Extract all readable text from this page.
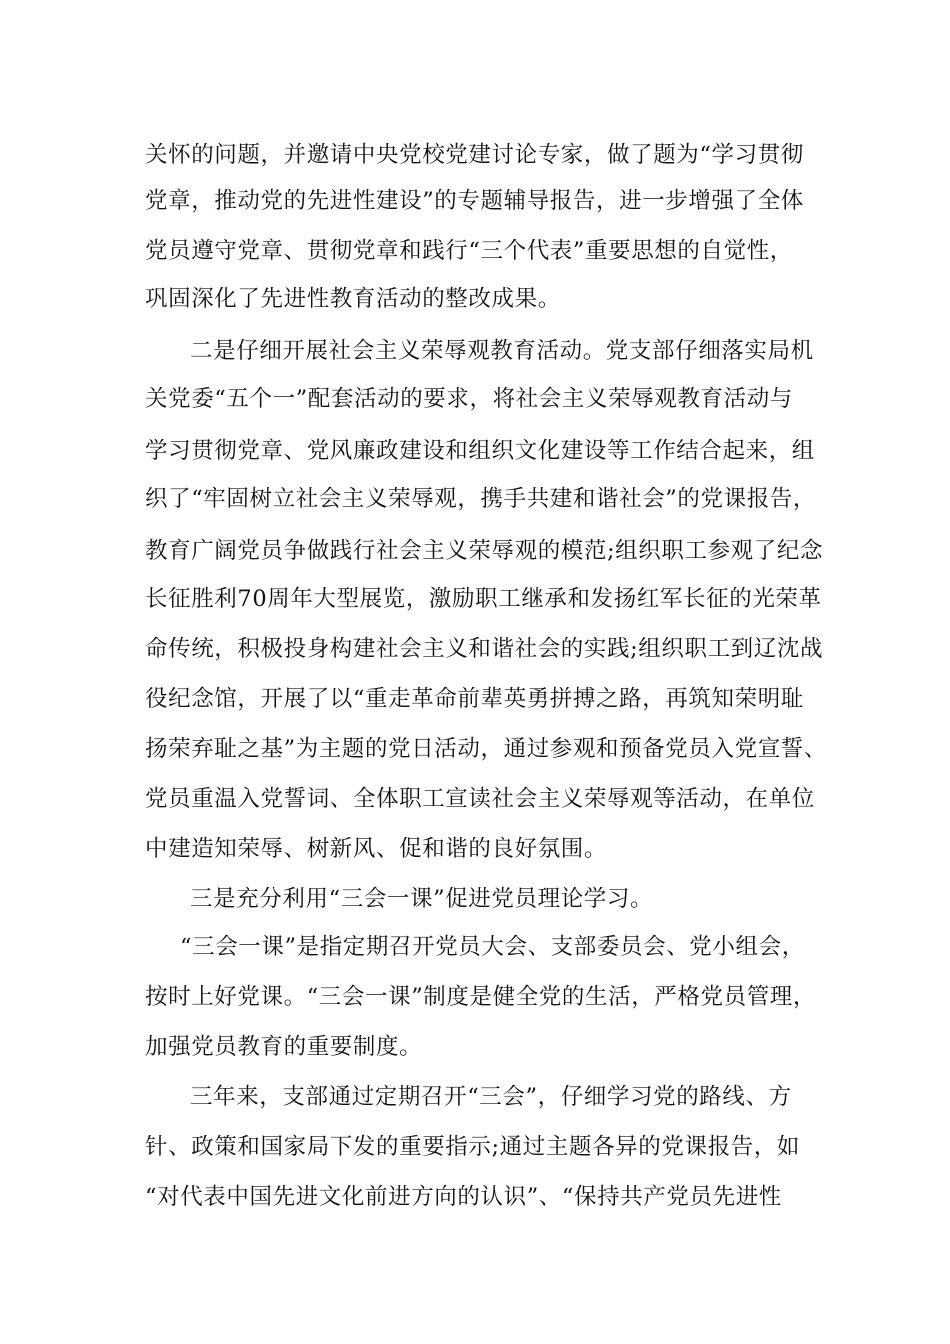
关怀的问题，并邀请中央党校党建讨论专家，做了题为“学习贯彻
党章，推动党的先进性建设”的专题辅导报告，进一步增强了全体
党员遵守党章、贯彻党章和践行“三个代表”重要思想的自觉性，
巩固深化了先进性教育活动的整改成果。
二是仔细开展社会主义荣辱观教育活动。党支部仔细落实局机
关党委“五个一”配套活动的要求，将社会主义荣辱观教育活动与
学习贯彻党章、党风廉政建设和组织文化建设等工作结合起来，组
织了“牢固树立社会主义荣辱观，携手共建和谐社会”的党课报告，
教育广阔党员争做践行社会主义荣辱观的模范;组织职工参观了纪念
长征胜利70周年大型展览，激励职工继承和发扬红军长征的光荣革
命传统，积极投身构建社会主义和谐社会的实践;组织职工到辽沈战
役纪念馆，开展了以“重走革命前辈英勇拼搏之路，再筑知荣明耻
扬荣弃耻之基”为主题的党日活动，通过参观和预备党员入党宣誓、
党员重温入党誓词、全体职工宣读社会主义荣辱观等活动，在单位
中建造知荣辱、树新风、促和谐的良好氛围。
三是充分利用“三会一课”促进党员理论学习。
“三会一课”是指定期召开党员大会、支部委员会、党小组会，
按时上好党课。“三会一课”制度是健全党的生活，严格党员管理，
加强党员教育的重要制度。
三年来，支部通过定期召开“三会”，仔细学习党的路线、方
针、政策和国家局下发的重要指示;通过主题各异的党课报告，如
“对代表中国先进文化前进方向的认识”、“保持共产党员先进性
